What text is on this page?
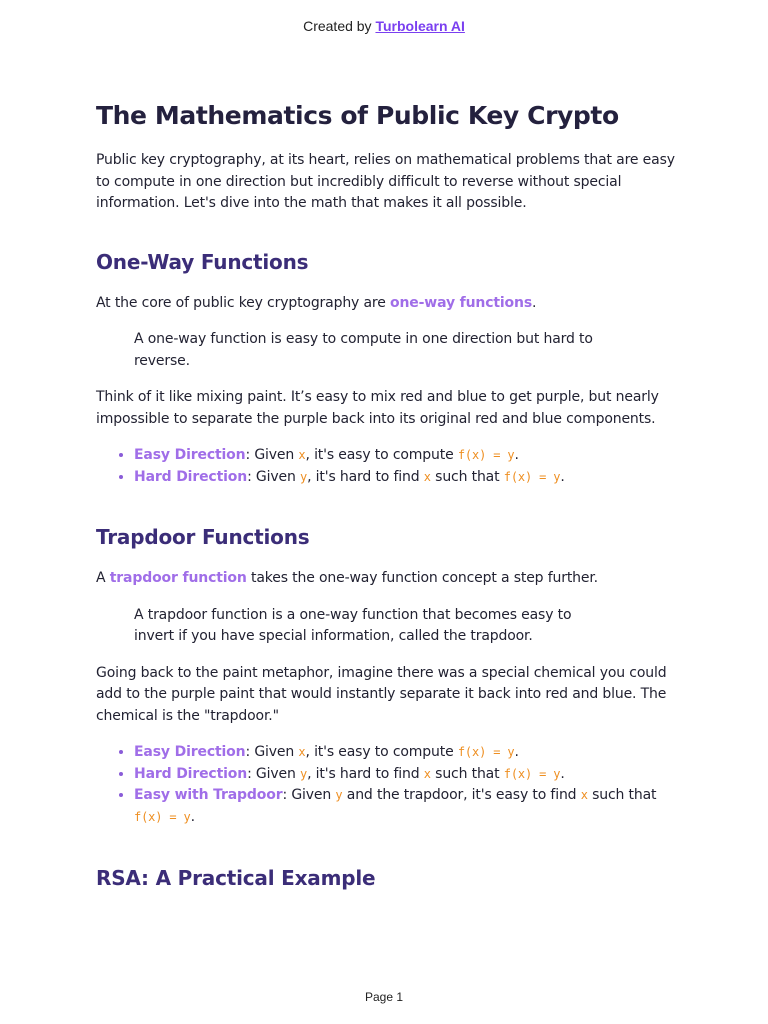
Created by Turbolearn AI
The Mathematics of Public Key Crypto

Public key cryptography, at its heart, relies on mathematical problems that are easy to compute in one direction but incredibly difficult to reverse without special information. Let's dive into the math that makes it all possible.

One-Way Functions

At the core of public key cryptography are one-way functions.

A one-way function is easy to compute in one direction but hard to reverse.

Think of it like mixing paint. It’s easy to mix red and blue to get purple, but nearly impossible to separate the purple back into its original red and blue components.

• Easy Direction: Given x, it's easy to compute f(x) = y.
• Hard Direction: Given y, it's hard to find x such that f(x) = y.
Trapdoor Functions

A trapdoor function takes the one-way function concept a step further.

A trapdoor function is a one-way function that becomes easy to invert if you have special information, called the trapdoor.

Going back to the paint metaphor, imagine there was a special chemical you could add to the purple paint that would instantly separate it back into red and blue. The chemical is the "trapdoor."

• Easy Direction: Given x, it's easy to compute f(x) = y.
• Hard Direction: Given y, it's hard to find x such that f(x) = y.
• Easy with Trapdoor: Given y and the trapdoor, it's easy to find x such that f(x) = y.
RSA: A Practical Example
Page 1
